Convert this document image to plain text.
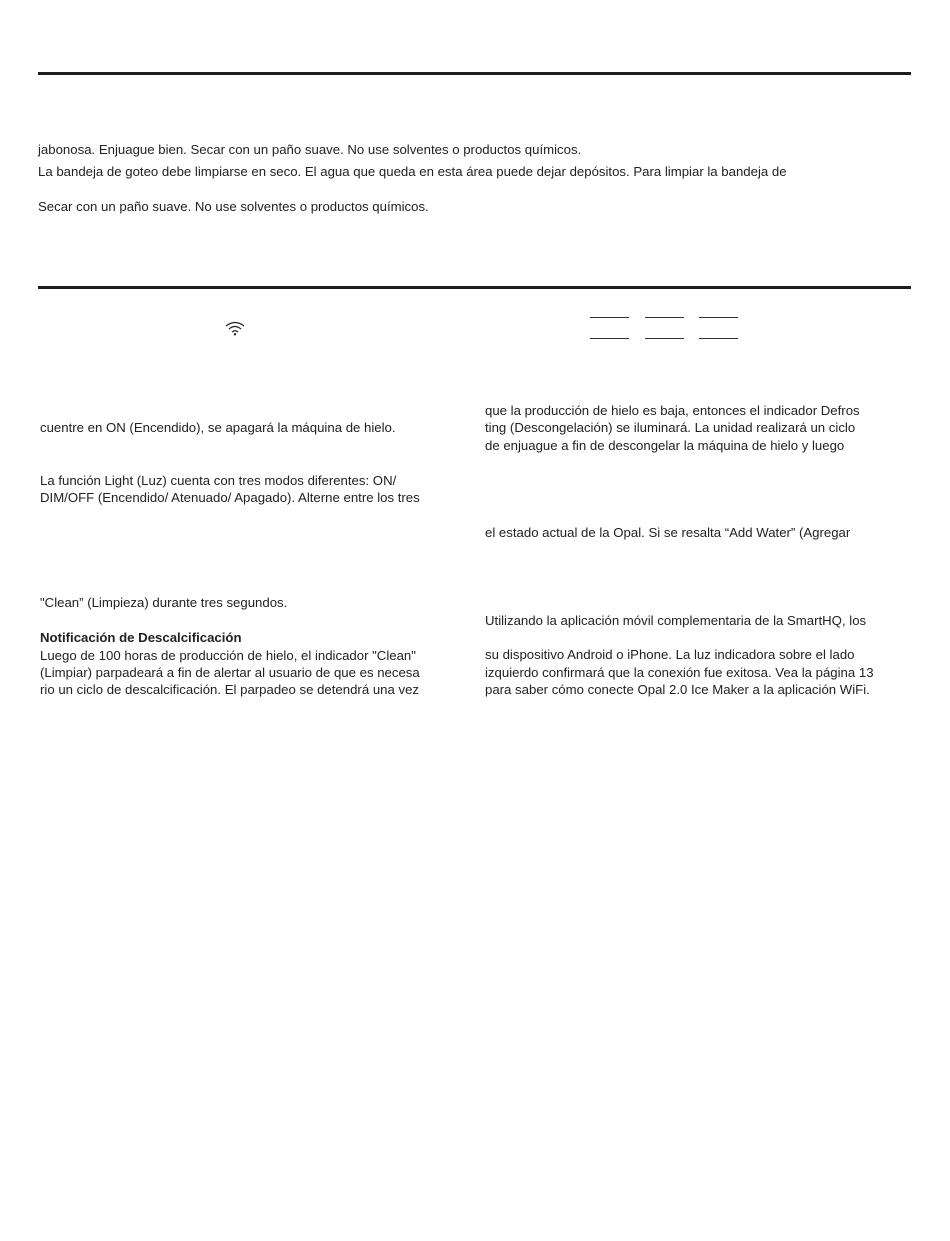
jabonosa. Enjuague bien. Secar con un paño suave. No use solventes o productos químicos.
La bandeja de goteo debe limpiarse en seco. El agua que queda en esta área puede dejar depósitos. Para limpiar la bandeja de
Secar con un paño suave. No use solventes o productos químicos.
cuentre en ON (Encendido), se apagará la máquina de hielo.
La función Light (Luz) cuenta con tres modos diferentes: ON/
DIM/OFF (Encendido/ Atenuado/ Apagado). Alterne entre los tres
"Clean” (Limpieza) durante tres segundos.
Notificación de Descalcificación
Luego de 100 horas de producción de hielo, el indicador "Clean"
(Limpiar) parpadeará a fin de alertar al usuario de que es necesa
rio un ciclo de descalcificación. El parpadeo se detendrá una vez
que la producción de hielo es baja, entonces el indicador Defros
ting (Descongelación) se iluminará. La unidad realizará un ciclo
de enjuague a fin de descongelar la máquina de hielo y luego
el estado actual de la Opal. Si se resalta “Add Water” (Agregar
Utilizando la aplicación móvil complementaria de la SmartHQ, los
su dispositivo Android o iPhone. La luz indicadora sobre el lado
izquierdo confirmará que la conexión fue exitosa. Vea la página 13
para saber cómo conecte Opal 2.0 Ice Maker a la aplicación WiFi.
